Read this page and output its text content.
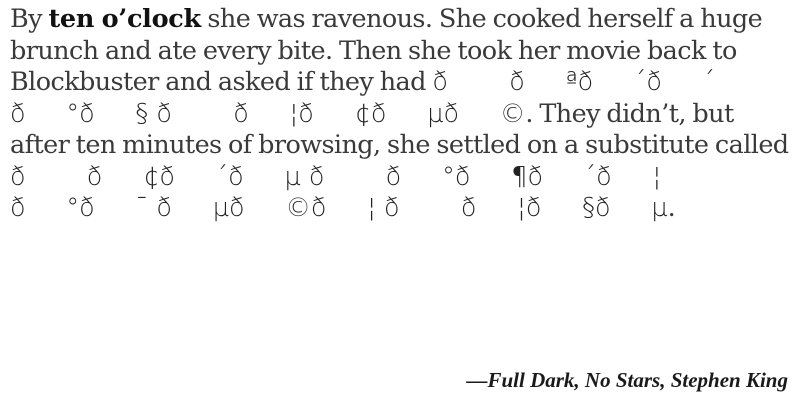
By ten o’clock she was ravenous. She cooked herself a huge brunch and ate every bite. Then she took her movie back to Blockbuster and asked if they had ððªð´ð´ ð°ð§ ðð¦ð¢ðµð©. They didn’t, but after ten minutes of browsing, she settled on a substitute called ðð¢ð´ðµ ðð°ð¶ð´ð¦ ð°ð¯ ðµð©ð¦ ðð¦ð§ðµ.

—Full Dark, No Stars, Stephen King
